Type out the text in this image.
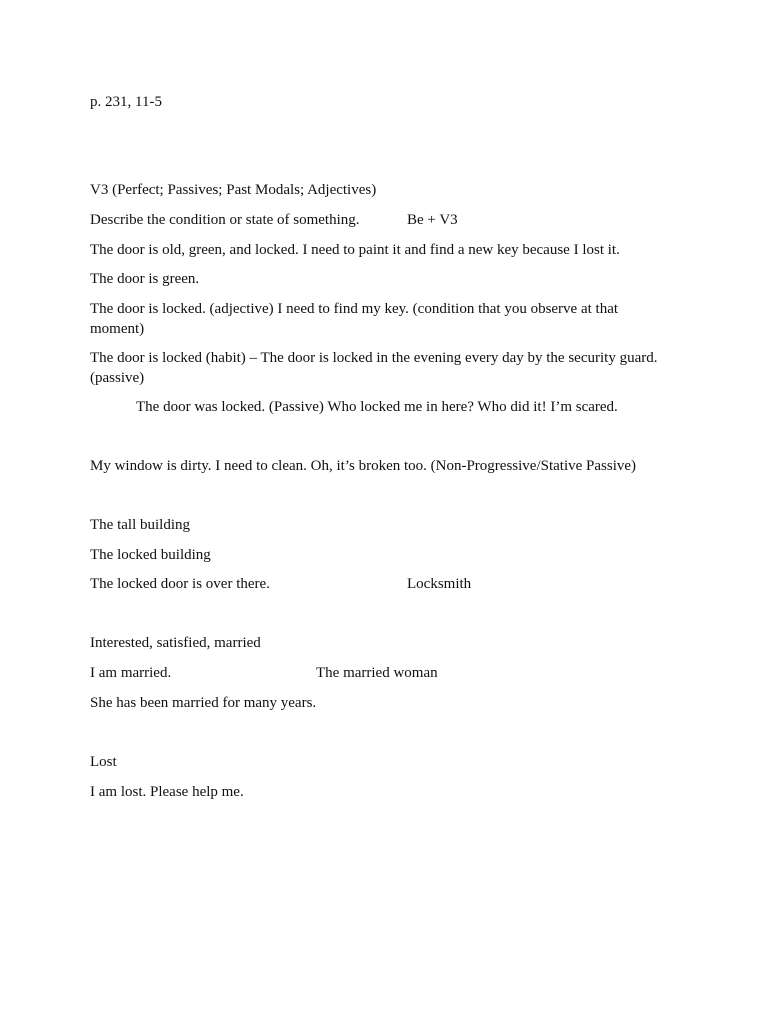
p. 231, 11-5
V3 (Perfect; Passives; Past Modals; Adjectives)
Describe the condition or state of something.	Be + V3
The door is old, green, and locked. I need to paint it and find a new key because I lost it.
The door is green.
The door is locked. (adjective) I need to find my key. (condition that you observe at that moment)
The door is locked (habit) – The door is locked in the evening every day by the security guard. (passive)
The door was locked. (Passive) Who locked me in here? Who did it! I’m scared.
My window is dirty. I need to clean. Oh, it’s broken too. (Non-Progressive/Stative Passive)
The tall building
The locked building
The locked door is over there.	Locksmith
Interested, satisfied, married
I am married.	The married woman
She has been married for many years.
Lost
I am lost. Please help me.
